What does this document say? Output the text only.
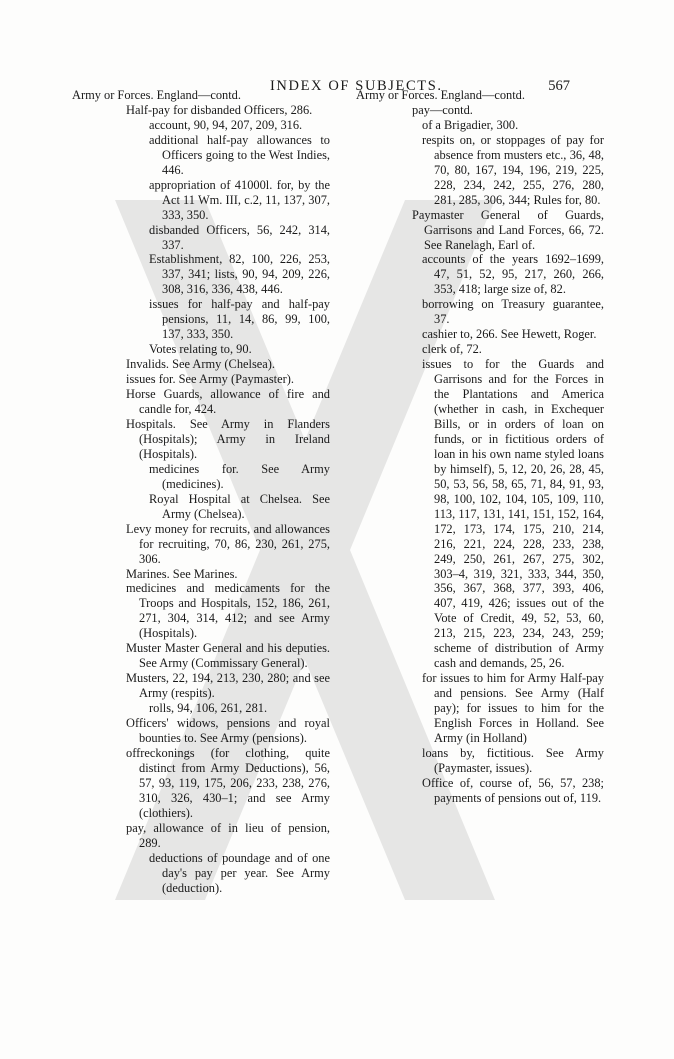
INDEX OF SUBJECTS.	567
Army or Forces. England—contd.
Half-pay for disbanded Officers, 286.
account, 90, 94, 207, 209, 316.
additional half-pay allowances to Officers going to the West Indies, 446.
appropriation of 41000l. for, by the Act 11 Wm. III, c.2, 11, 137, 307, 333, 350.
disbanded Officers, 56, 242, 314, 337.
Establishment, 82, 100, 226, 253, 337, 341; lists, 90, 94, 209, 226, 308, 316, 336, 438, 446.
issues for half-pay and half-pay pensions, 11, 14, 86, 99, 100, 137, 333, 350.
Votes relating to, 90.
Invalids. See Army (Chelsea).
issues for. See Army (Paymaster).
Horse Guards, allowance of fire and candle for, 424.
Hospitals. See Army in Flanders (Hospitals); Army in Ireland (Hospitals).
medicines for. See Army (medicines).
Royal Hospital at Chelsea. See Army (Chelsea).
Levy money for recruits, and allowances for recruiting, 70, 86, 230, 261, 275, 306.
Marines. See Marines.
medicines and medicaments for the Troops and Hospitals, 152, 186, 261, 271, 304, 314, 412; and see Army (Hospitals).
Muster Master General and his deputies. See Army (Commissary General).
Musters, 22, 194, 213, 230, 280; and see Army (respits).
rolls, 94, 106, 261, 281.
Officers' widows, pensions and royal bounties to. See Army (pensions).
offreckonings (for clothing, quite distinct from Army Deductions), 56, 57, 93, 119, 175, 206, 233, 238, 276, 310, 326, 430–1; and see Army (clothiers).
pay, allowance of in lieu of pension, 289.
deductions of poundage and of one day's pay per year. See Army (deduction).
Army or Forces. England—contd.
pay—contd.
of a Brigadier, 300.
respits on, or stoppages of pay for absence from musters etc., 36, 48, 70, 80, 167, 194, 196, 219, 225, 228, 234, 242, 255, 276, 280, 281, 285, 306, 344; Rules for, 80.
Paymaster General of Guards, Garrisons and Land Forces, 66, 72. See Ranelagh, Earl of.
accounts of the years 1692–1699, 47, 51, 52, 95, 217, 260, 266, 353, 418; large size of, 82.
borrowing on Treasury guarantee, 37.
cashier to, 266. See Hewett, Roger.
clerk of, 72.
issues to for the Guards and Garrisons and for the Forces in the Plantations and America (whether in cash, in Exchequer Bills, or in orders of loan on funds, or in fictitious orders of loan in his own name styled loans by himself), 5, 12, 20, 26, 28, 45, 50, 53, 56, 58, 65, 71, 84, 91, 93, 98, 100, 102, 104, 105, 109, 110, 113, 117, 131, 141, 151, 152, 164, 172, 173, 174, 175, 210, 214, 216, 221, 224, 228, 233, 238, 249, 250, 261, 267, 275, 302, 303–4, 319, 321, 333, 344, 350, 356, 367, 368, 377, 393, 406, 407, 419, 426; issues out of the Vote of Credit, 49, 52, 53, 60, 213, 215, 223, 234, 243, 259; scheme of distribution of Army cash and demands, 25, 26.
for issues to him for Army Half-pay and pensions. See Army (Half pay); for issues to him for the English Forces in Holland. See Army (in Holland)
loans by, fictitious. See Army (Paymaster, issues).
Office of, course of, 56, 57, 238; payments of pensions out of, 119.
